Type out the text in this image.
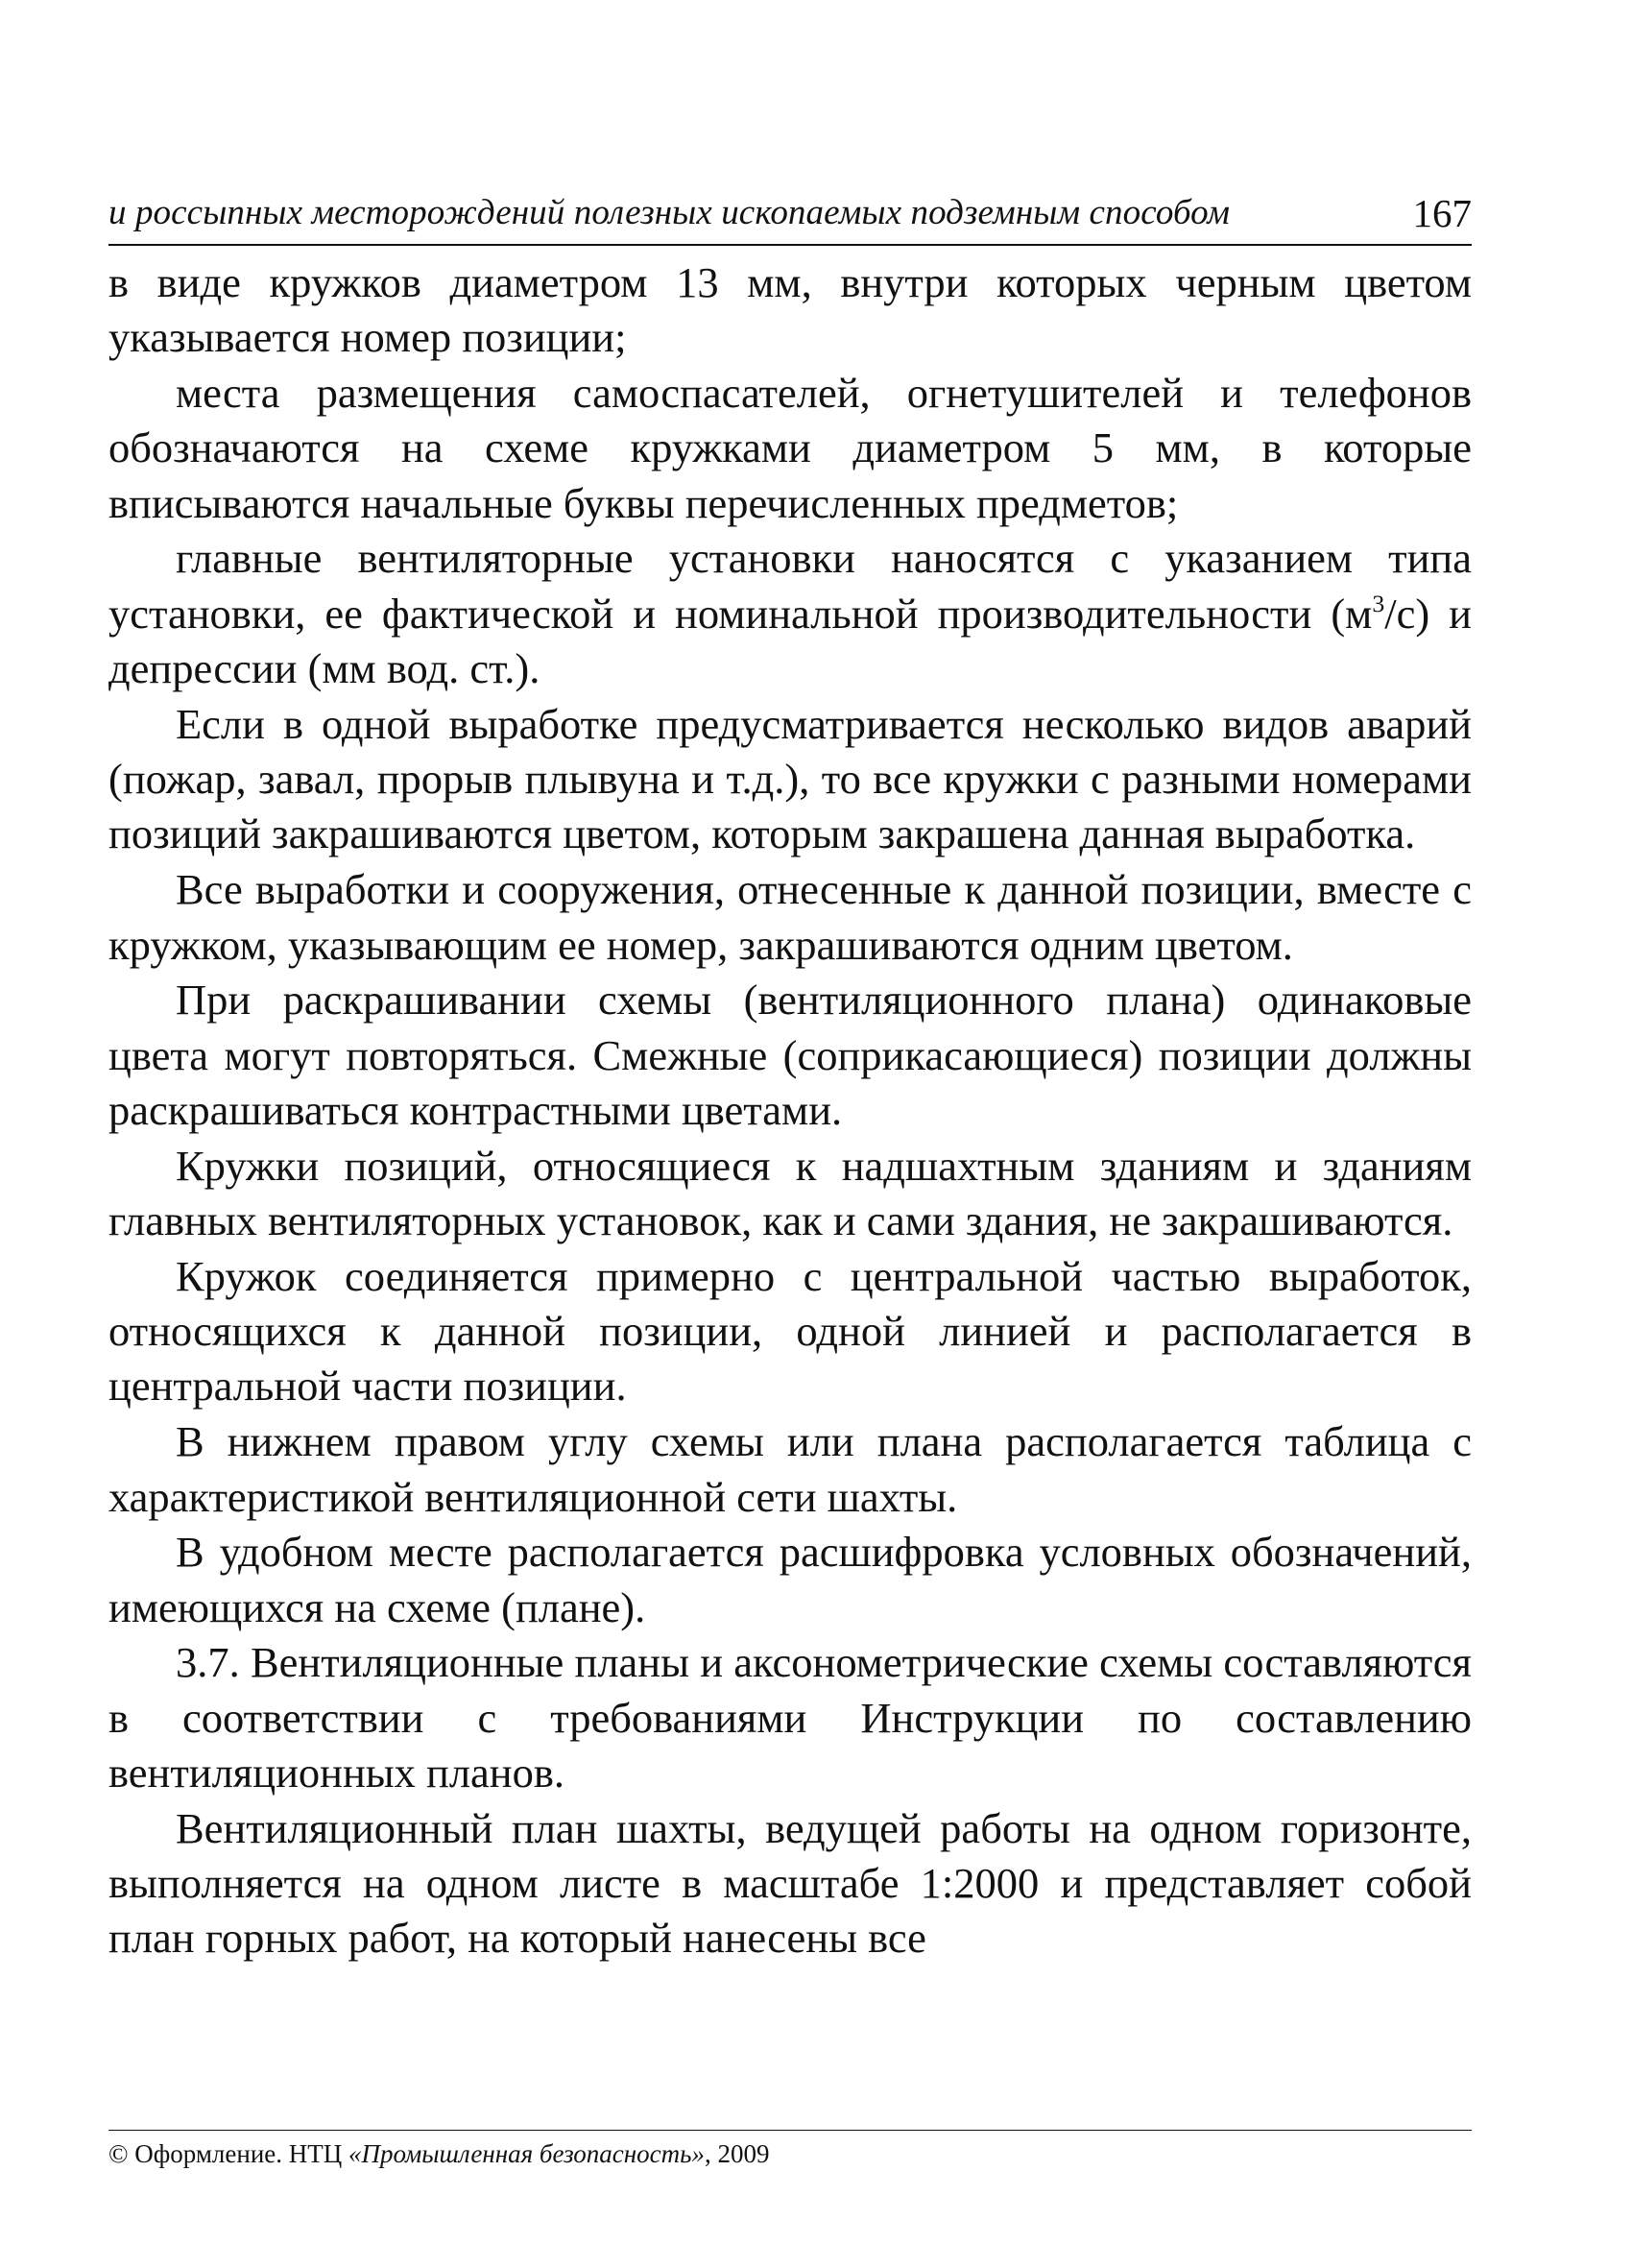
и россыпных месторождений полезных ископаемых подземным способом	167

в виде кружков диаметром 13 мм, внутри которых черным цветом указывается номер позиции;

места размещения самоспасателей, огнетушителей и телефонов обозначаются на схеме кружками диаметром 5 мм, в которые вписываются начальные буквы перечисленных предметов;

главные вентиляторные установки наносятся с указанием типа установки, ее фактической и номинальной производительности $(м^3/с)$ и депрессии (мм вод. ст.).

Если в одной выработке предусматривается несколько видов аварий (пожар, завал, прорыв плывуна и т.д.), то все кружки с разными номерами позиций закрашиваются цветом, которым закрашена данная выработка.

Все выработки и сооружения, отнесенные к данной позиции, вместе с кружком, указывающим ее номер, закрашиваются одним цветом.

При раскрашивании схемы (вентиляционного плана) одинаковые цвета могут повторяться. Смежные (соприкасающиеся) позиции должны раскрашиваться контрастными цветами.

Кружки позиций, относящиеся к надшахтным зданиям и зданиям главных вентиляторных установок, как и сами здания, не закрашиваются.

Кружок соединяется примерно с центральной частью выработок, относящихся к данной позиции, одной линией и располагается в центральной части позиции.

В нижнем правом углу схемы или плана располагается таблица с характеристикой вентиляционной сети шахты.

В удобном месте располагается расшифровка условных обозначений, имеющихся на схеме (плане).

3.7. Вентиляционные планы и аксонометрические схемы составляются в соответствии с требованиями Инструкции по составлению вентиляционных планов.

Вентиляционный план шахты, ведущей работы на одном горизонте, выполняется на одном листе в масштабе 1:2000 и представляет собой план горных работ, на который нанесены все

© Оформление. НТЦ «Промышленная безопасность», 2009
